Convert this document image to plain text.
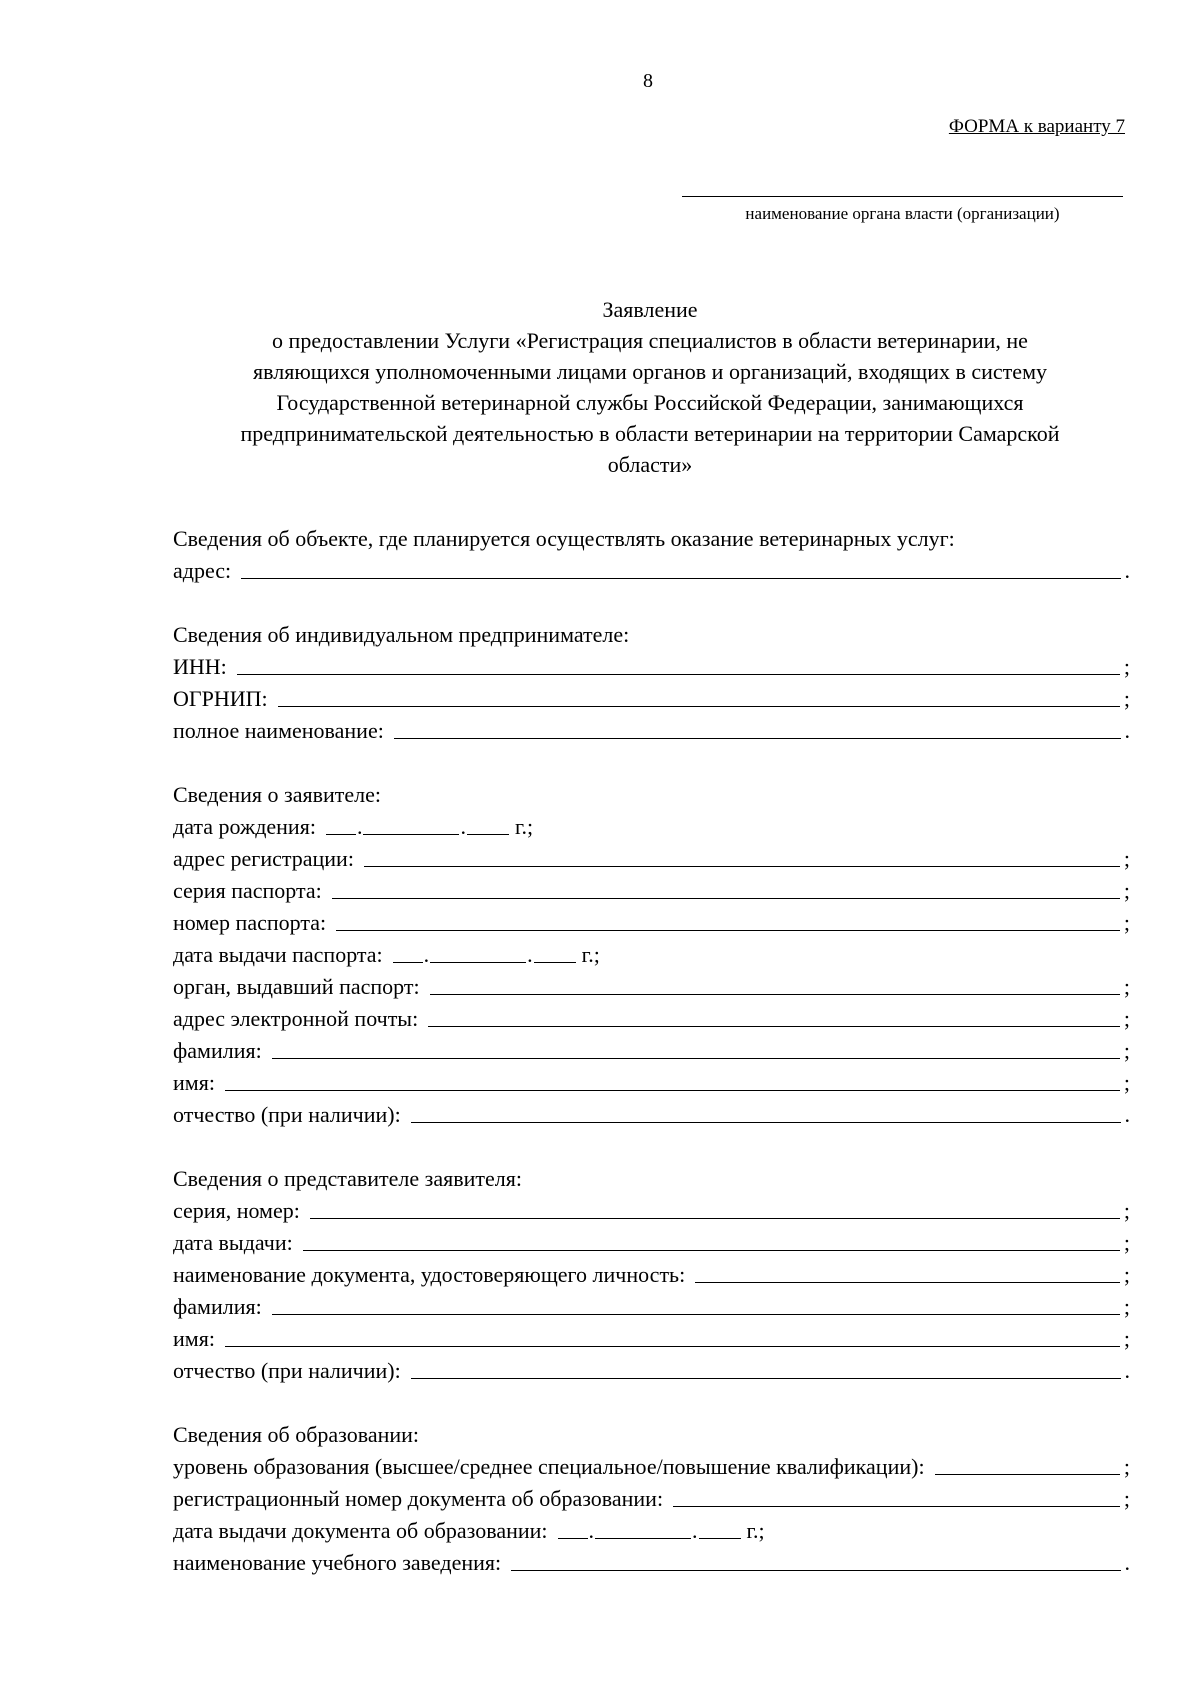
8
ФОРМА к варианту 7
наименование органа власти (организации)
Заявление
о предоставлении Услуги «Регистрация специалистов в области ветеринарии, не
являющихся уполномоченными лицами органов и организаций, входящих в систему
Государственной ветеринарной службы Российской Федерации, занимающихся
предпринимательской деятельностью в области ветеринарии на территории Самарской
области»
Сведения об объекте, где планируется осуществлять оказание ветеринарных услуг:
адрес:	.
Сведения об индивидуальном предпринимателе:
ИНН:	;
ОГРНИП:	;
полное наименование:	.
Сведения о заявителе:
дата рождения:	.	. г.;
адрес регистрации:	;
серия паспорта:	;
номер паспорта:	;
дата выдачи паспорта:	.	. г.;
орган, выдавший паспорт:	;
адрес электронной почты:	;
фамилия:	;
имя:	;
отчество (при наличии):	.
Сведения о представителе заявителя:
серия, номер:	;
дата выдачи:	;
наименование документа, удостоверяющего личность:	;
фамилия:	;
имя:	;
отчество (при наличии):	.
Сведения об образовании:
уровень образования (высшее/среднее специальное/повышение квалификации):	;
регистрационный номер документа об образовании:	;
дата выдачи документа об образовании:	.	. г.;
наименование учебного заведения:	.
